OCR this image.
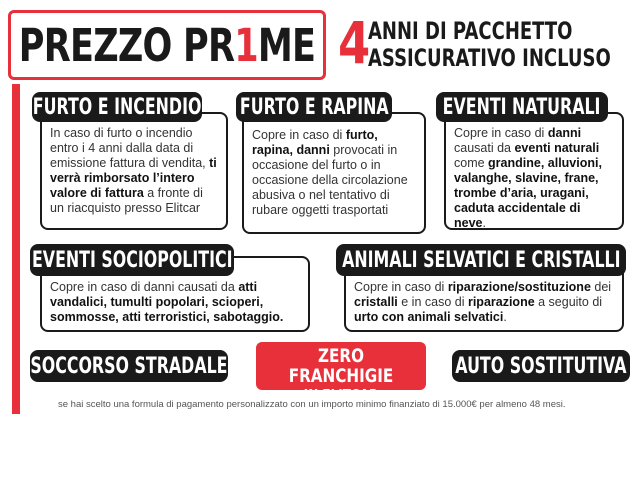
PREZZO PR1ME 4
ANNI DI PACCHETTO
ASSICURATIVO INCLUSO
In caso di furto o incendio entro i 4 anni dalla data di emissione fattura di vendita, ti verrà rimborsato l’intero valore di fattura a fronte di un riacquisto presso Elitcar
FURTO E INCENDIO
Copre in caso di furto, rapina, danni provocati in occasione del furto o in occasione della circolazione abusiva o nel tentativo di rubare oggetti trasportati
FURTO E RAPINA
Copre in caso di danni causati da eventi naturali come grandine, alluvioni, valanghe, slavine, frane, trombe d’aria, uragani, caduta accidentale di neve.
EVENTI NATURALI
Copre in caso di danni causati da atti vandalici, tumulti popolari, scioperi, sommosse, atti terroristici, sabotaggio.
EVENTI SOCIOPOLITICI
Copre in caso di riparazione/sostituzione dei cristalli e in caso di riparazione a seguito di urto con animali selvatici.
ANIMALI SELVATICI E CRISTALLI
SOCCORSO STRADALE	ZERO FRANCHIGIE
IN ELITCAR
AUTO SOSTITUTIVA
se hai scelto una formula di pagamento personalizzato con un importo minimo finanziato di 15.000€ per almeno 48 mesi.
